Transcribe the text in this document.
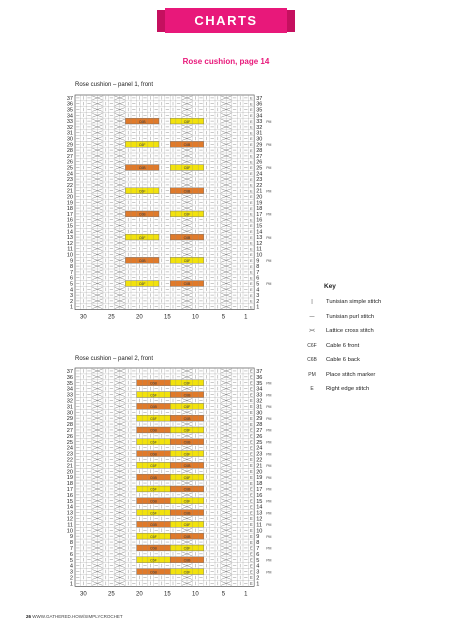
CHARTS
Rose cushion, page 14
Rose cushion – panel 1, front
Rose cushion – panel 2, front
E
37	37
E
36	36
E
35	35
E
34	34
E
C6B	C6F
33	33 PM
E
32	32
E
31	31
E
30	30
E
C6F	C6B
29	29 PM
E
28	28
E
27	27
E
26	26
E
C6B	C6F
25	25 PM
E
24	24
E
23	23
E
22	22
E
C6F	C6B
21	21 PM
E
20	20
E
19	19
E
18	18
E
C6B	C6F
17	17 PM
E
16	16
E
15	15
E
14	14
E
C6F	C6B
13	13 PM
E
12	12
E
11	11
E
10	10
E
C6B	C6F
9	9 PM
E
8	8
E
7	7
E
6	6
E
C6F	C6B
5	5 PM
E
4	4
E
3	3
E
2	2
E
1	1
30	25	20	15	10	5	1
E
37	37
E
36	36
E
C6B	C6F
35	35 PM
E
34	34
E
C6F	C6B
33	33 PM
E
32	32
E
C6B	C6F
31	31 PM
E
30	30
E
C6F	C6B
29	29 PM
E
28	28
E
C6B	C6F
27	27 PM
E
26	26
E
C6F	C6B
25	25 PM
E
24	24
E
C6B	C6F
23	23 PM
E
22	22
E
C6F	C6B
21	21 PM
E
20	20
E
C6B	C6F
19	19 PM
E
18	18
E
C6F	C6B
17	17 PM
E
16	16
E
C6B	C6F
15	15 PM
E
14	14
E
C6F	C6B
13	13 PM
E
12	12
E
C6B	C6F
11	11 PM
E
10	10
E
C6F	C6B
9	9 PM
E
8	8
E
C6B	C6F
7	7 PM
E
6	6
E
C6F	C6B
5	5 PM
E
4	4
E
C6B	C6F
3	3 PM
E
2	2
E
1	1
30	25	20	15	10	5	1
Key
|	Tunisian simple stitch
—	Tunisian purl stitch
><	Lattice cross stitch
C6F	Cable 6 front
C6B	Cable 6 back
PM	Place stitch marker
E	Right edge stitch
26 WWW.GATHERED.HOW/SIMPLYCROCHET
